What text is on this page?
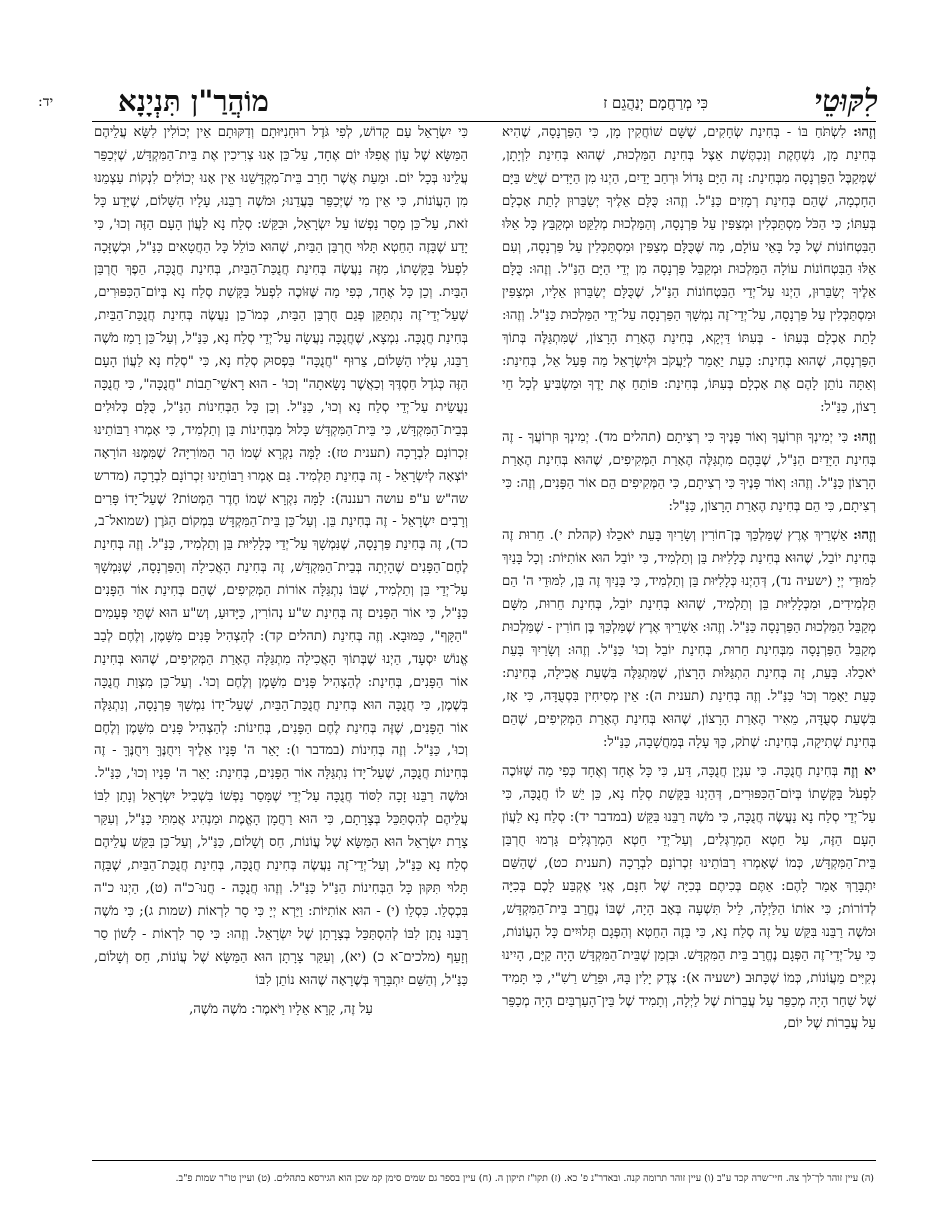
לִקּוּטֵי
כִּי מְרַחֲמָם יְנַהֲגֵם ז
מוֹהֲרַ"ן תִּנְיָנָא
יד:

וְזֶהוּ: לִשְׂתֹּחַ בּוֹ - בְּחִינַת שְׂחָקִים, שֶׁשָּׁם שׁוֹחֲקִין מָן, כִּי הַפַּרְנָסָה, שֶׁהִיא בְּחִינַת מָן, נִשְׁחֶקֶת וְנִכְתֶּשֶׁת אֵצֶל בְּחִינַת הַמַּלְכוּת, שֶׁהוּא בְּחִינַת לִוְיָתָן, שֶׁמְּקַבֶּל הַפַּרְנָסָה מִבְּחִינַת: זֶה הַיָּם גָּדוֹל וּרְחַב יָדַיִם, הַיְנוּ מִן הַיָּדִים שֶׁיֵּשׁ בַּיָּם הַחָכְמָה, שֶׁהֵם בְּחִינַת רְמָזִים כַּנַּ"ל. וְזֶהוּ: כֻּלָּם אֵלֶיךָ יְשַׂבֵּרוּן לָתֵת אָכְלָם בְּעִתּוֹ; כִּי הַכֹּל מִסְתַּכְּלִין וּמְצַפִּין עַל פַּרְנָסָה, וְהַמַּלְכוּת מְלַקֵּט וּמְקַבֵּץ כָּל אֵלּוּ הַבִּטְחוֹנוֹת שֶׁל כָּל בָּאֵי עוֹלָם, מַה שֶּׁכֻּלָּם מְצַפִּין וּמִסְתַּכְּלִין עַל פַּרְנָסָה, וְעִם אֵלּוּ הַבִּטְחוֹנוֹת עוֹלָה הַמַּלְכוּת וּמְקַבֵּל פַּרְנָסָה מִן יְדֵי הַיָּם הַנַּ"ל. וְזֶהוּ: כֻּלָּם אֵלֶיךָ יְשַׂבֵּרוּן, הַיְנוּ עַל־יְדֵי הַבִּטְחוֹנוֹת הַנַּ"ל, שֶׁכֻּלָּם יְשַׂבֵּרוּן אֵלָיו, וּמְצַפִּין וּמִסְתַּכְּלִין עַל פַּרְנָסָה, עַל־יְדֵי־זֶה נִמְשָׁךְ הַפַּרְנָסָה עַל־יְדֵי הַמַּלְכוּת כַּנַּ"ל. וְזֶהוּ: לָתֵת אָכְלָם בְּעִתּוֹ - בְּעִתּוֹ דַּיְקָא, בְּחִינַת הֶאָרַת הָרָצוֹן, שֶׁמִּתְגַּלֶּה בְּתוֹךְ הַפַּרְנָסָה, שֶׁהוּא בְּחִינַת: כָּעֵת יֵאָמֵר לְיַעֲקֹב וּלְיִשְׂרָאֵל מַה פָּעַל אֵל, בְּחִינַת: וְאַתָּה נוֹתֵן לָהֶם אֶת אָכְלָם בְּעִתּוֹ, בְּחִינַת: פּוֹתֵחַ אֶת יָדֶךָ וּמַשְׂבִּיעַ לְכָל חַי רָצוֹן, כַּנַּ"ל:

וְזֶהוּ: כִּי יְמִינְךָ וּזְרוֹעֲךָ וְאוֹר פָּנֶיךָ כִּי רְצִיתָם (תהלים מד). יְמִינְךָ וּזְרוֹעֲךָ - זֶה בְּחִינַת הַיָּדַיִם הַנַּ"ל, שֶׁבָּהֶם מִתְגַּלֶּה הֶאָרַת הַמְּקִיפִים, שֶׁהוּא בְּחִינַת הֶאָרַת הָרָצוֹן כַּנַּ"ל. וְזֶהוּ: וְאוֹר פָּנֶיךָ כִּי רְצִיתָם, כִּי הַמְּקִיפִים הֵם אוֹר הַפָּנִים, וְזֶה: כִּי רְצִיתָם, כִּי הֵם בְּחִינַת הֶאָרַת הָרָצוֹן, כַּנַּ"ל:

וְזֶהוּ: אַשְׁרֵיךְ אֶרֶץ שֶׁמַּלְכֵּךְ בֶּן־חוֹרִין וְשָׂרַיִךְ בָּעֵת יֹאכֵלוּ (קהלת י). חֵרוּת זֶה בְּחִינַת יוֹבֵל, שֶׁהוּא בְּחִינַת כְּלָלִיּוּת בֵּן וְתַלְמִיד, כִּי יוֹבֵל הוּא אוֹתִיּוֹת: וְכָל בָּנַיִךְ לִמּוּדֵי יְיָ (ישעיה נד), דְּהַיְנוּ כְּלָלִיּוּת בֵּן וְתַלְמִיד, כִּי בָּנַיִךְ זֶה בֵּן, לִמּוּדֵי ה' הֵם תַּלְמִידִים, וּמִכְּלָלִיּוּת בֵּן וְתַלְמִיד, שֶׁהוּא בְּחִינַת יוֹבֵל, בְּחִינַת חֵרוּת, מִשָּׁם מְקַבֵּל הַמַּלְכוּת הַפַּרְנָסָה כַּנַּ"ל. וְזֶהוּ: אַשְׁרֵיךְ אֶרֶץ שֶׁמַּלְכֵּךְ בֶּן חוֹרִין - שֶׁמַּלְכוּת מְקַבֵּל הַפַּרְנָסָה מִבְּחִינַת חֵרוּת, בְּחִינַת יוֹבֵל וְכוּ' כַּנַּ"ל. וְזֶהוּ: וְשָׂרַיִךְ בָּעֵת יֹאכֵלוּ. בָּעֵת, זֶה בְּחִינַת הִתְגַּלּוּת הָרָצוֹן, שֶׁמִּתְגַּלֶּה בִּשְׁעַת אֲכִילָה, בְּחִינַת: כָּעֵת יֵאָמֵר וְכוּ' כַּנַּ"ל. וְזֶה בְּחִינַת (תענית ה): אֵין מְסִיחִין בִּסְעֻדָּה, כִּי אָז, בִּשְׁעַת סְעֻדָּה, מֵאִיר הֶאָרַת הָרָצוֹן, שֶׁהוּא בְּחִינַת הֶאָרַת הַמְּקִיפִים, שֶׁהֵם בְּחִינַת שְׁתִיקָה, בְּחִינַת: שְׁתֹק, כָּךְ עָלָה בְּמַחֲשָׁבָה, כַּנַּ"ל:

יא וְזֶה בְּחִינַת חֲנֻכָּה. כִּי עִנְיַן חֲנֻכָּה, דַּע, כִּי כָּל אֶחָד וְאֶחָד כְּפִי מַה שֶּׁזּוֹכֶה לִפְעֹל בַּקָּשָׁתוֹ בְּיוֹם־הַכִּפּוּרִים, דְּהַיְנוּ בַּקָּשַׁת סְלַח נָא, כֵּן יֵשׁ לוֹ חֲנֻכָּה, כִּי עַל־יְדֵי סְלַח נָא נַעֲשֶׂה חֲנֻכָּה, כִּי מֹשֶׁה רַבֵּנוּ בִּקֵּשׁ (במדבר יד): סְלַח נָא לַעֲוֹן הָעָם הַזֶּה, עַל חֵטְא הַמְרַגְּלִים, וְעַל־יְדֵי חֵטְא הַמְרַגְּלִים גָּרְמוּ חֻרְבַּן בֵּית־הַמִּקְדָּשׁ, כְּמוֹ שֶׁאָמְרוּ רַבּוֹתֵינוּ זִכְרוֹנָם לִבְרָכָה (תענית כט), שֶׁהַשֵּׁם יִתְבָּרַךְ אָמַר לָהֶם: אַתֶּם בְּכִיתֶם בְּכִיָּה שֶׁל חִנָּם, אֲנִי אֶקְבַּע לָכֶם בְּכִיָּה לְדוֹרוֹת; כִּי אוֹתוֹ הַלַּיְלָה, לֵיל תִּשְׁעָה בְּאָב הָיָה, שֶׁבּוֹ נֶחֱרַב בֵּית־הַמִּקְדָּשׁ, וּמֹשֶׁה רַבֵּנוּ בִּקֵּשׁ עַל זֶה סְלַח נָא, כִּי בָּזֶה הַחֵטְא וְהַפְּגָם תְּלוּיִים כָּל הָעֲוֹנוֹת, כִּי עַל־יְדֵי־זֶה הַפְּגָם נֶחֱרַב בֵּית הַמִּקְדָּשׁ. וּבִזְמַן שֶׁבֵּית־הַמִּקְדָּשׁ הָיָה קַיָּם, הָיִינוּ נְקִיִּים מֵעֲוֹנוֹת, כְּמוֹ שֶׁכָּתוּב (ישעיה א): צֶדֶק יָלִין בָּהּ, וּפֵרֵשׁ רַשִׁ"י, כִּי תָּמִיד שֶׁל שַׁחַר הָיָה מְכַפֵּר עַל עֲבֵרוֹת שֶׁל לַיְלָה, וְתָמִיד שֶׁל בֵּין־הָעַרְבַּיִם הָיָה מְכַפֵּר עַל עֲבֵרוֹת שֶׁל יוֹם,

כִּי יִשְׂרָאֵל עַם קָדוֹשׁ, לְפִי גֹּדֶל רוּחָנִיּוּתָם וְדַקּוּתָם אֵין יְכוֹלִין לִשָּׂא עֲלֵיהֶם הַמַּשָּׂא שֶׁל עָוֹן אֲפִלּוּ יוֹם אֶחָד, עַל־כֵּן אָנוּ צְרִיכִין אֶת בֵּית־הַמִּקְדָּשׁ, שֶׁיְּכַפֵּר עֲלֵינוּ בְּכָל יוֹם. וּמֵעֵת אֲשֶׁר חָרַב בֵּית־מִקְדָּשֵׁנוּ אֵין אָנוּ יְכוֹלִים לִנְקוֹת עַצְמֵנוּ מִן הָעֲוֹנוֹת, כִּי אֵין מִי שֶׁיְּכַפֵּר בַּעֲדֵנוּ; וּמֹשֶׁה רַבֵּנוּ, עָלָיו הַשָּׁלוֹם, שֶׁיָּדַע כָּל זֹאת, עַל־כֵּן מָסַר נַפְשׁוֹ עַל יִשְׂרָאֵל, וּבִקֵּשׁ: סְלַח נָא לַעֲוֹן הָעָם הַזֶּה וְכוּ', כִּי יָדַע שֶׁבָּזֶה הַחֵטְא תָּלוּי חֻרְבַּן הַבַּיִת, שֶׁהוּא כּוֹלֵל כָּל הַחֲטָאִים כַּנַּ"ל, וּכְשֶׁזָּכָה לִפְעֹל בַּקָּשָׁתוֹ, מִזֶּה נַעֲשֶׂה בְּחִינַת חֲנֻכַּת־הַבַּיִת, בְּחִינַת חֲנֻכָּה, הֵפֶךְ חֻרְבַּן הַבַּיִת. וְכֵן כָּל אֶחָד, כְּפִי מַה שֶּׁזּוֹכֶה לִפְעֹל בַּקָּשַׁת סְלַח נָא בְּיוֹם־הַכִּפּוּרִים, שֶׁעַל־יְדֵי־זֶה נִתְתַּקֵּן פְּגַם חֻרְבַּן הַבַּיִת, כְּמוֹ־כֵן נַעֲשֶׂה בְּחִינַת חֲנֻכַּת־הַבַּיִת, בְּחִינַת חֲנֻכָּה. נִמְצָא, שֶׁחֲנֻכָּה נַעֲשָׂה עַל־יְדֵי סְלַח נָא, כַּנַּ"ל, וְעַל־כֵּן רָמַז מֹשֶׁה רַבֵּנוּ, עָלָיו הַשָּׁלוֹם, צֵרוּף "חֲנֻכָּה" בִּפְסוּק סְלַח נָא, כִּי "סְלַח נָא לַעֲוֹן הָעָם הַזֶּה כְּגֹדֶל חַסְדֶּךָ וְכַאֲשֶׁר נָשָׂאתָה" וְכוּ' - הוּא רָאשֵׁי־תֵבוֹת "חֲנֻכָּה", כִּי חֲנֻכָּה נַעֲשֵׂית עַל־יְדֵי סְלַח נָא וְכוּ', כַּנַּ"ל. וְכֵן כָּל הַבְּחִינוֹת הַנַּ"ל, כֻּלָּם כְּלוּלִים בְּבֵית־הַמִּקְדָּשׁ, כִּי בֵּית־הַמִּקְדָּשׁ כָּלוּל מִבְּחִינוֹת בֵּן וְתַלְמִיד, כִּי אָמְרוּ רַבּוֹתֵינוּ זִכְרוֹנָם לִבְרָכָה (תענית טז): לָמָּה נִקְרָא שְׁמוֹ הַר הַמּוֹרִיָּה? שֶׁמִּמֶּנּוּ הוֹרָאָה יוֹצְאָה לְיִשְׂרָאֵל - זֶה בְּחִינַת תַּלְמִיד. גַּם אָמְרוּ רַבּוֹתֵינוּ זִכְרוֹנָם לִבְרָכָה (מדרש שה"ש ע"פ עושה רעננה): לָמָּה נִקְרָא שְׁמוֹ חֶדֶר הַמְּטוֹת? שֶׁעַל־יָדוֹ פָּרִים וְרָבִים יִשְׂרָאֵל - זֶה בְּחִינַת בֵּן. וְעַל־כֵּן בֵּית־הַמִּקְדָּשׁ בִּמְקוֹם הַגֹּרֶן (שמואל־ב, כד), זֶה בְּחִינַת פַּרְנָסָה, שֶׁנִּמְשָׁךְ עַל־יְדֵי כְּלָלִיּוּת בֵּן וְתַלְמִיד, כַּנַּ"ל. וְזֶה בְּחִינַת לֶחֶם־הַפָּנִים שֶׁהָיְתָה בְּבֵית־הַמִּקְדָּשׁ, זֶה בְּחִינַת הָאֲכִילָה וְהַפַּרְנָסָה, שֶׁנִּמְשָׁךְ עַל־יְדֵי בֵּן וְתַלְמִיד, שֶׁבּוֹ נִתְגַּלָּה אוֹרוֹת הַמְּקִיפִים, שֶׁהֵם בְּחִינַת אוֹר הַפָּנִים כַּנַּ"ל, כִּי אוֹר הַפָּנִים זֶה בְּחִינַת ש"ע נְהוֹרִין, כַּיָּדוּעַ, וְש"ע הוּא שְׁתֵּי פְּעָמִים "הַקָּף", כַּמּוּבָא. וְזֶה בְּחִינַת (תהלים קד): לְהַצְהִיל פָּנִים מִשָּׁמֶן, וְלֶחֶם לְבַב אֱנוֹשׁ יִסְעָד, הַיְנוּ שֶׁבְּתוֹךְ הָאֲכִילָה מִתְגַּלָּה הֶאָרַת הַמְּקִיפִים, שֶׁהוּא בְּחִינַת אוֹר הַפָּנִים, בְּחִינַת: לְהַצְהִיל פָּנִים מִשָּׁמֶן וְלֶחֶם וְכוּ'. וְעַל־כֵּן מִצְוַת חֲנֻכָּה בְּשֶׁמֶן, כִּי חֲנֻכָּה הוּא בְּחִינַת חֲנֻכַּת־הַבַּיִת, שֶׁעַל־יָדוֹ נִמְשָׁךְ פַּרְנָסָה, וְנִתְגַּלֶּה אוֹר הַפָּנִים, שֶׁזֶּה בְּחִינַת לֶחֶם הַפָּנִים, בְּחִינוֹת: לְהַצְהִיל פָּנִים מִשָּׁמֶן וְלֶחֶם וְכוּ', כַּנַּ"ל. וְזֶה בְּחִינוֹת (במדבר ו): יָאֵר ה' פָּנָיו אֵלֶיךָ וִיחֻנֶּךָּ וִיחֻנֶּךָּ - זֶה בְּחִינוֹת חֲנֻכָּה, שֶׁעַל־יָדוֹ נִתְגַּלָּה אוֹר הַפָּנִים, בְּחִינַת: יָאֵר ה' פָּנָיו וְכוּ', כַּנַּ"ל. וּמֹשֶׁה רַבֵּנוּ זָכָה לִסּוֹד חֲנֻכָּה עַל־יְדֵי שֶׁמָּסַר נַפְשׁוֹ בִּשְׁבִיל יִשְׂרָאֵל וְנָתַן לִבּוֹ עֲלֵיהֶם לְהִסְתַּכֵּל בְּצָרָתָם, כִּי הוּא רַחֲמָן הָאֱמֶת וּמַנְהִיג אֲמִתִּי כַּנַּ"ל, וְעִקַּר צָרַת יִשְׂרָאֵל הוּא הַמַּשָּׂא שֶׁל עֲוֹנוֹת, חַס וְשָׁלוֹם, כַּנַּ"ל, וְעַל־כֵּן בִּקֵּשׁ עֲלֵיהֶם סְלַח נָא כַּנַּ"ל, וְעַל־יְדֵי־זֶה נַעֲשֶׂה בְּחִינַת חֲנֻכָּה, בְּחִינַת חֲנֻכַּת־הַבַּיִת, שֶׁבָּזֶה תָּלוּי תִּקּוּן כָּל הַבְּחִינוֹת הַנַּ"ל כַּנַּ"ל. וְזֶהוּ חֲנֻכָּה - חֲנוּ־כ"ה (ט), הַיְנוּ כ"ה בִּכְסְלֵו. כִּסְלֵו (י) - הוּא אוֹתִיּוֹת: וַיַּרְא יְיָ כִּי סָר לִרְאוֹת (שמות ג); כִּי מֹשֶׁה רַבֵּנוּ נָתַן לִבּוֹ לְהִסְתַּכֵּל בְּצָרָתָן שֶׁל יִשְׂרָאֵל. וְזֶהוּ: כִּי סָר לִרְאוֹת - לָשׁוֹן סַר וְזָעֵף (מלכים־א כ) (יא), וְעִקַּר צָרָתָן הוּא הַמַּשָּׂא שֶׁל עֲוֹנוֹת, חַס וְשָׁלוֹם, כַּנַּ"ל, וְהַשֵּׁם יִתְבָּרַךְ בְּשֶׁרָאָה שֶׁהוּא נוֹתֵן לִבּוֹ

עַל זֶה, קָרָא אֵלָיו וַיֹּאמֶר: מֹשֶׁה מֹשֶׁה,

(ה) עיין זוהר לך־לך צה. חיי־שרה קכד ע"ב (ו) עיין זוהר תרומה קנה. ובאדר"נ פ' כא. (ז) תקו"ז תיקון ה. (ח) עיין בספר גם שמים סימן קמ שכן הוא הגירסא בתהלים. (ט) ועיין טו"ר שמות פ"ב.
